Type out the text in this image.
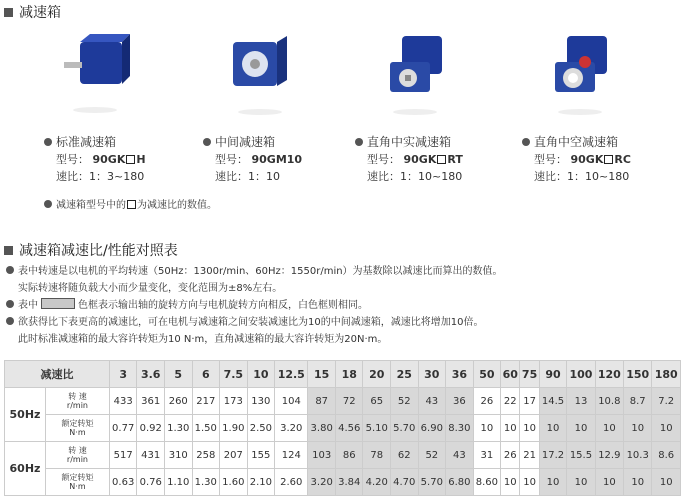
减速箱
标准减速箱
型号： 90GK H
速比：1：3~180
中间减速箱
型号： 90GM10
速比：1：10
直角中实减速箱
型号： 90GK RT
速比：1：10~180
直角中空减速箱
型号： 90GK RC
速比：1：10~180
减速箱型号中的 为减速比的数值。
减速箱减速比/性能对照表
表中转速是以电机的平均转速（50Hz：1300r/min、60Hz：1550r/min）为基数除以减速比而算出的数值。
实际转速将随负载大小而少量变化，变化范围为±8%左右。
表中	色框表示输出轴的旋转方向与电机旋转方向相反，白色框则相同。
欲获得比下表更高的减速比，可在电机与减速箱之间安装减速比为10的中间减速箱，减速比将增加10倍。
此时标准减速箱的最大容许转矩为10 N·m，直角减速箱的最大容许转矩为20N·m。
减速比		3	3.6	5	6	7.5	10	12.5	15	18	20	25	30	36	50	60	75	90	100	120	150	180
50Hz	转 速
r/min	433	361	260	217	173	130	104	87	72	65	52	43	36	26	22	17	14.5	13	10.8	8.7	7.2
	额定转矩
N·m	0.77	0.92	1.30	1.50	1.90	2.50	3.20	3.80	4.56	5.10	5.70	6.90	8.30	10	10	10	10	10	10	10	10
60Hz	转 速
r/min	517	431	310	258	207	155	124	103	86	78	62	52	43	31	26	21	17.2	15.5	12.9	10.3	8.6
	额定转矩
N·m	0.63	0.76	1.10	1.30	1.60	2.10	2.60	3.20	3.84	4.20	4.70	5.70	6.80	8.60	10	10	10	10	10	10	10
